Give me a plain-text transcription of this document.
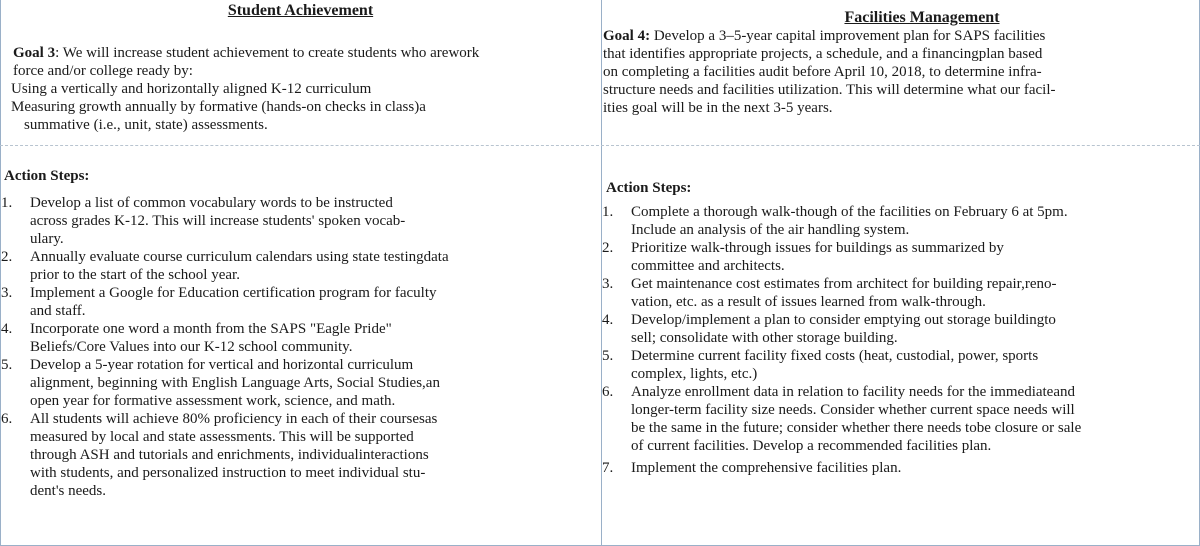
Student Achievement

Goal 3: We will increase student achievement to create students who arework

force and/or college ready by:

Using a vertically and horizontally aligned K-12 curriculum

Measuring growth annually by formative (hands-on checks in class)a

summative (i.e., unit, state) assessments.

Action Steps:

1. Develop a list of common vocabulary words to be instructed
across grades K-12. This will increase students' spoken vocab-
ulary.
2. Annually evaluate course curriculum calendars using state testingdata
prior to the start of the school year.
3. Implement a Google for Education certification program for faculty
and staff.
4. Incorporate one word a month from the SAPS "Eagle Pride"
Beliefs/Core Values into our K-12 school community.
5. Develop a 5-year rotation for vertical and horizontal curriculum
alignment, beginning with English Language Arts, Social Studies,an
open year for formative assessment work, science, and math.
6. All students will achieve 80% proficiency in each of their coursesas
measured by local and state assessments. This will be supported
through ASH and tutorials and enrichments, individualinteractions
with students, and personalized instruction to meet individual stu-
dent's needs.
Facilities Management

Goal 4: Develop a 3–5-year capital improvement plan for SAPS facilities

that identifies appropriate projects, a schedule, and a financingplan based

on completing a facilities audit before April 10, 2018, to determine infra-

structure needs and facilities utilization. This will determine what our facil-

ities goal will be in the next 3-5 years.

Action Steps:

1. Complete a thorough walk-though of the facilities on February 6 at 5pm.
Include an analysis of the air handling system.
2. Prioritize walk-through issues for buildings as summarized by
committee and architects.
3. Get maintenance cost estimates from architect for building repair,reno-
vation, etc. as a result of issues learned from walk-through.
4. Develop/implement a plan to consider emptying out storage buildingto
sell; consolidate with other storage building.
5. Determine current facility fixed costs (heat, custodial, power, sports
complex, lights, etc.)
6. Analyze enrollment data in relation to facility needs for the immediateand
longer-term facility size needs. Consider whether current space needs will
be the same in the future; consider whether there needs tobe closure or sale
of current facilities. Develop a recommended facilities plan.
7. Implement the comprehensive facilities plan.
